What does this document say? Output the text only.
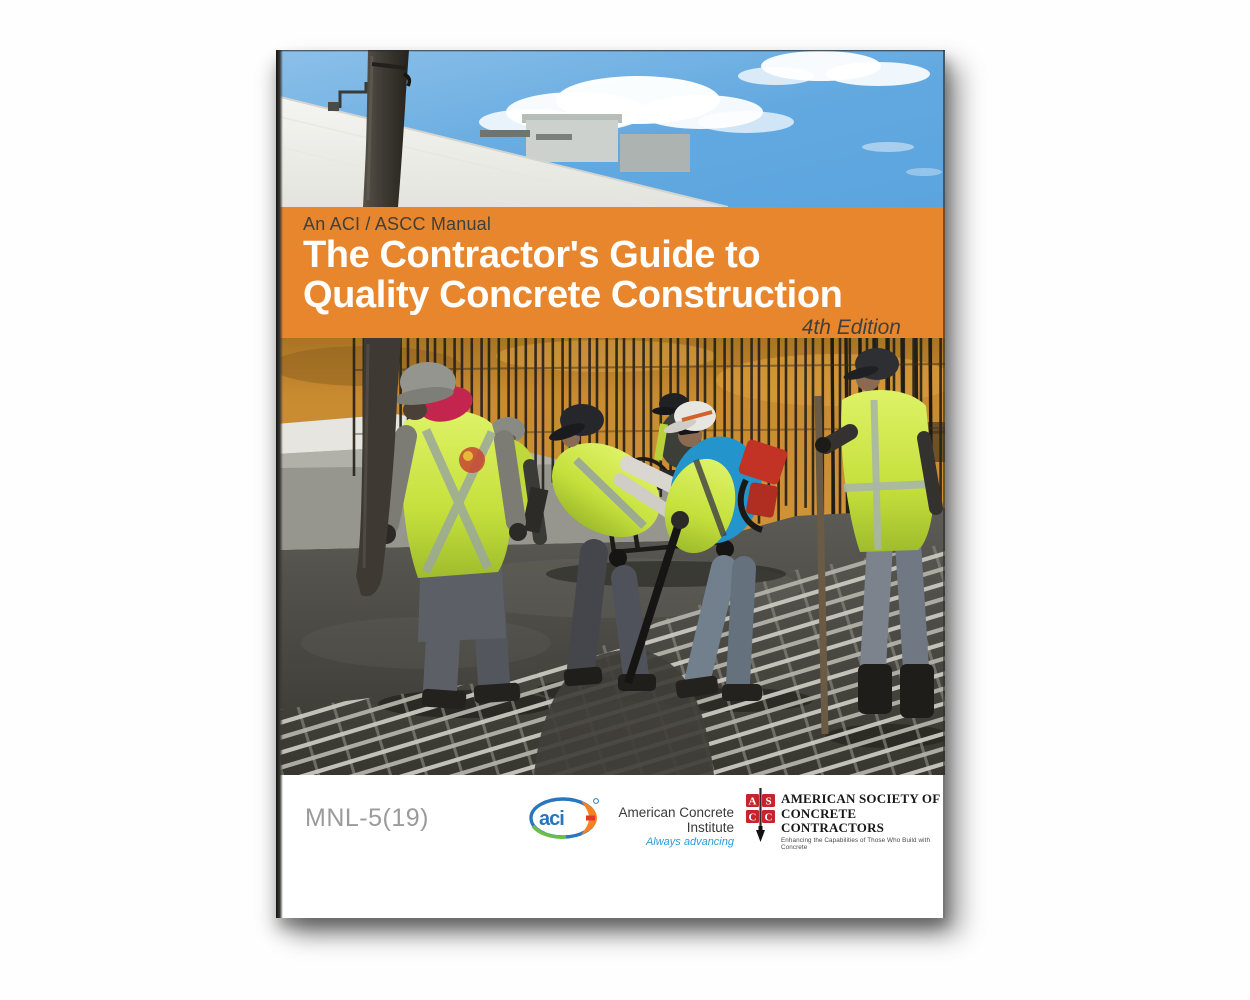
An ACI / ASCC Manual
The Contractor's Guide to
Quality Concrete Construction
4th Edition
MNL-5(19)	aci	American Concrete Institute
Always advancing
A S
C C
AMERICAN SOCIETY OF
CONCRETE CONTRACTORS
Enhancing the Capabilities of Those Who Build with Concrete
